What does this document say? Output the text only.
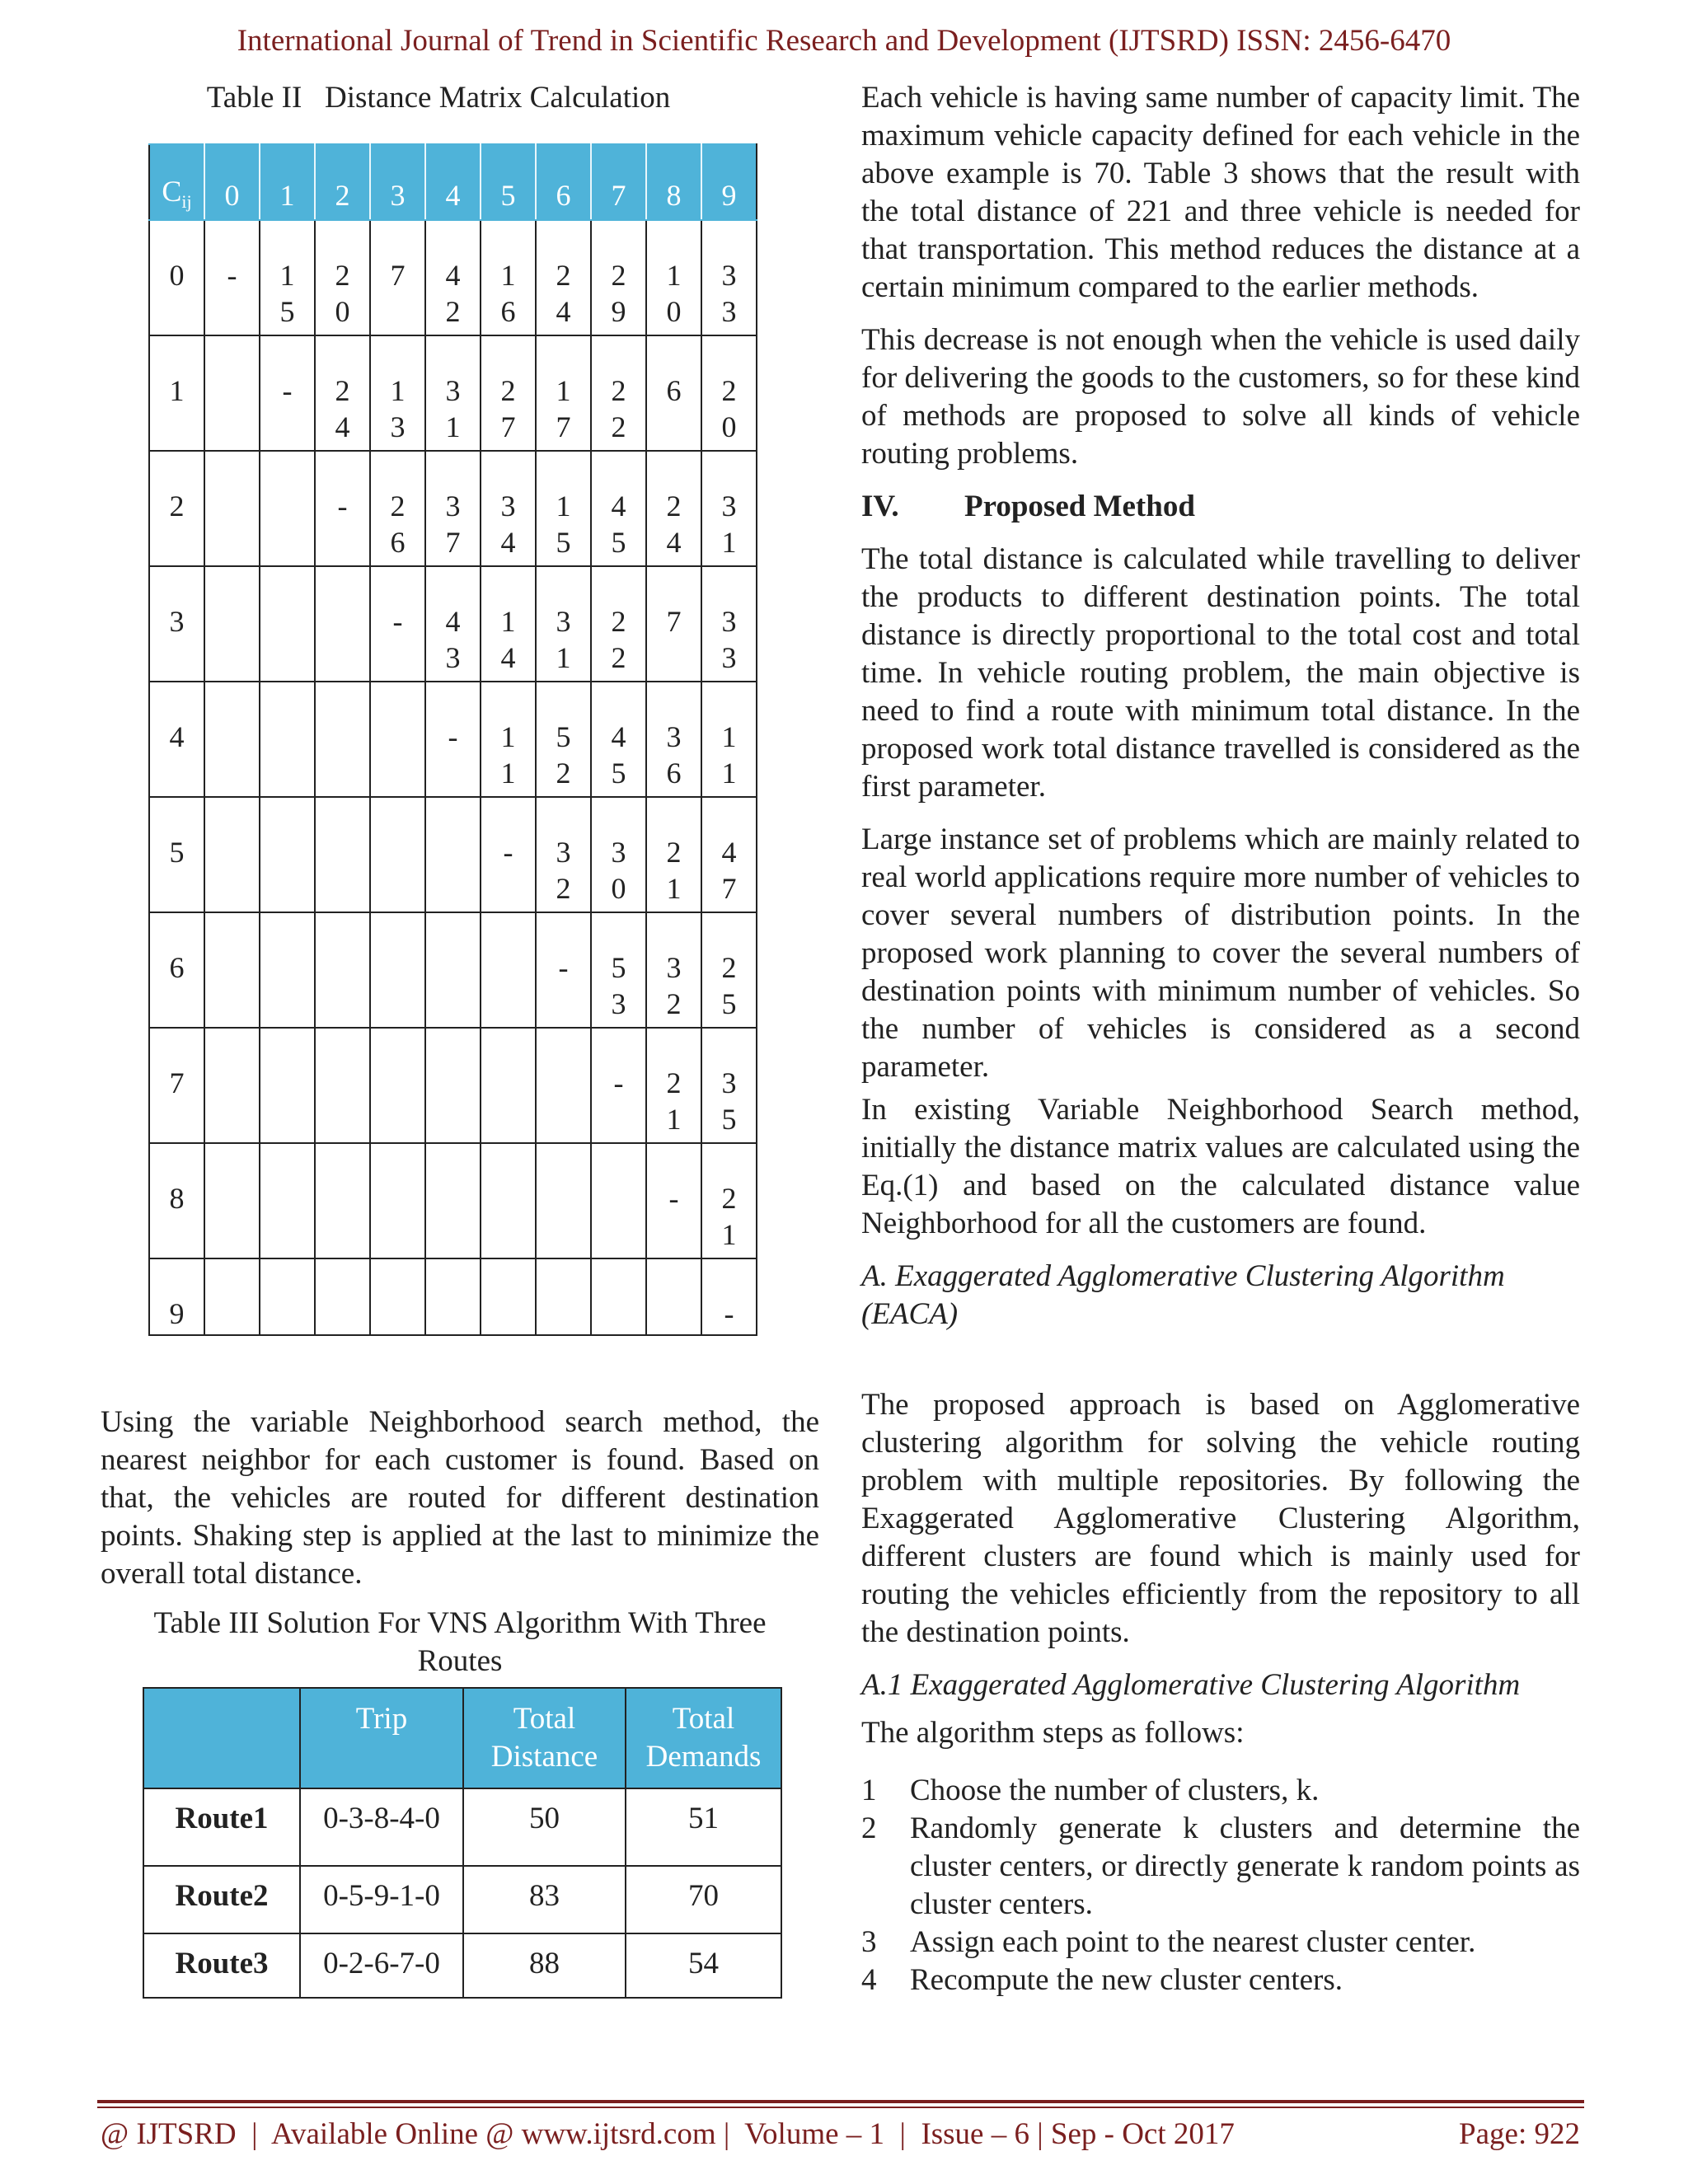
International Journal of Trend in Scientific Research and Development (IJTSRD) ISSN: 2456-6470
Table II   Distance Matrix Calculation
$C_{ij}$	0	1	2	3	4	5	6	7	8	9

0	-	15	20	7	42	16	24	29	10	33

1		-	24	13	31	27	17	22	6	20

2			-	26	37	34	15	45	24	31

3				-	43	14	31	22	7	33

4					-	11	52	45	36	11

5						-	32	30	21	47

6							-	53	32	25

7								-	21	35

8									-	21

9										-
Using the variable Neighborhood search method, the nearest neighbor for each customer is found. Based on that, the vehicles are routed for different destination points. Shaking step is applied at the last to minimize the overall total distance.
Table III Solution For VNS Algorithm With Three Routes
	Trip	Total Distance	Total Demands
Route1	0-3-8-4-0	50	51
Route2	0-5-9-1-0	83	70
Route3	0-2-6-7-0	88	54

Each vehicle is having same number of capacity limit. The maximum vehicle capacity defined for each vehicle in the above example is 70. Table 3 shows that the result with the total distance of 221 and three vehicle is needed for that transportation. This method reduces the distance at a certain minimum compared to the earlier methods.

This decrease is not enough when the vehicle is used daily for delivering the goods to the customers, so for these kind of methods are proposed to solve all kinds of vehicle routing problems.

IV. Proposed Method

The total distance is calculated while travelling to deliver the products to different destination points. The total distance is directly proportional to the total cost and total time. In vehicle routing problem, the main objective is need to find a route with minimum total distance. In the proposed work total distance travelled is considered as the first parameter.

Large instance set of problems which are mainly related to real world applications require more number of vehicles to cover several numbers of distribution points. In the proposed work planning to cover the several numbers of destination points with minimum number of vehicles. So the number of vehicles is considered as a second parameter.

In existing Variable Neighborhood Search method, initially the distance matrix values are calculated using the Eq.(1) and based on the calculated distance value Neighborhood for all the customers are found.

A. Exaggerated Agglomerative Clustering Algorithm (EACA)

The proposed approach is based on Agglomerative clustering algorithm for solving the vehicle routing problem with multiple repositories. By following the Exaggerated Agglomerative Clustering Algorithm, different clusters are found which is mainly used for routing the vehicles efficiently from the repository to all the destination points.

A.1 Exaggerated Agglomerative Clustering Algorithm

The algorithm steps as follows:

1	Choose the number of clusters, k.
2	Randomly generate k clusters and determine the cluster centers, or directly generate k random points as cluster centers.
3	Assign each point to the nearest cluster center.
4	Recompute the new cluster centers.
@ IJTSRD  |  Available Online @ www.ijtsrd.com |  Volume – 1  |  Issue – 6 | Sep - Oct 2017	Page: 922
